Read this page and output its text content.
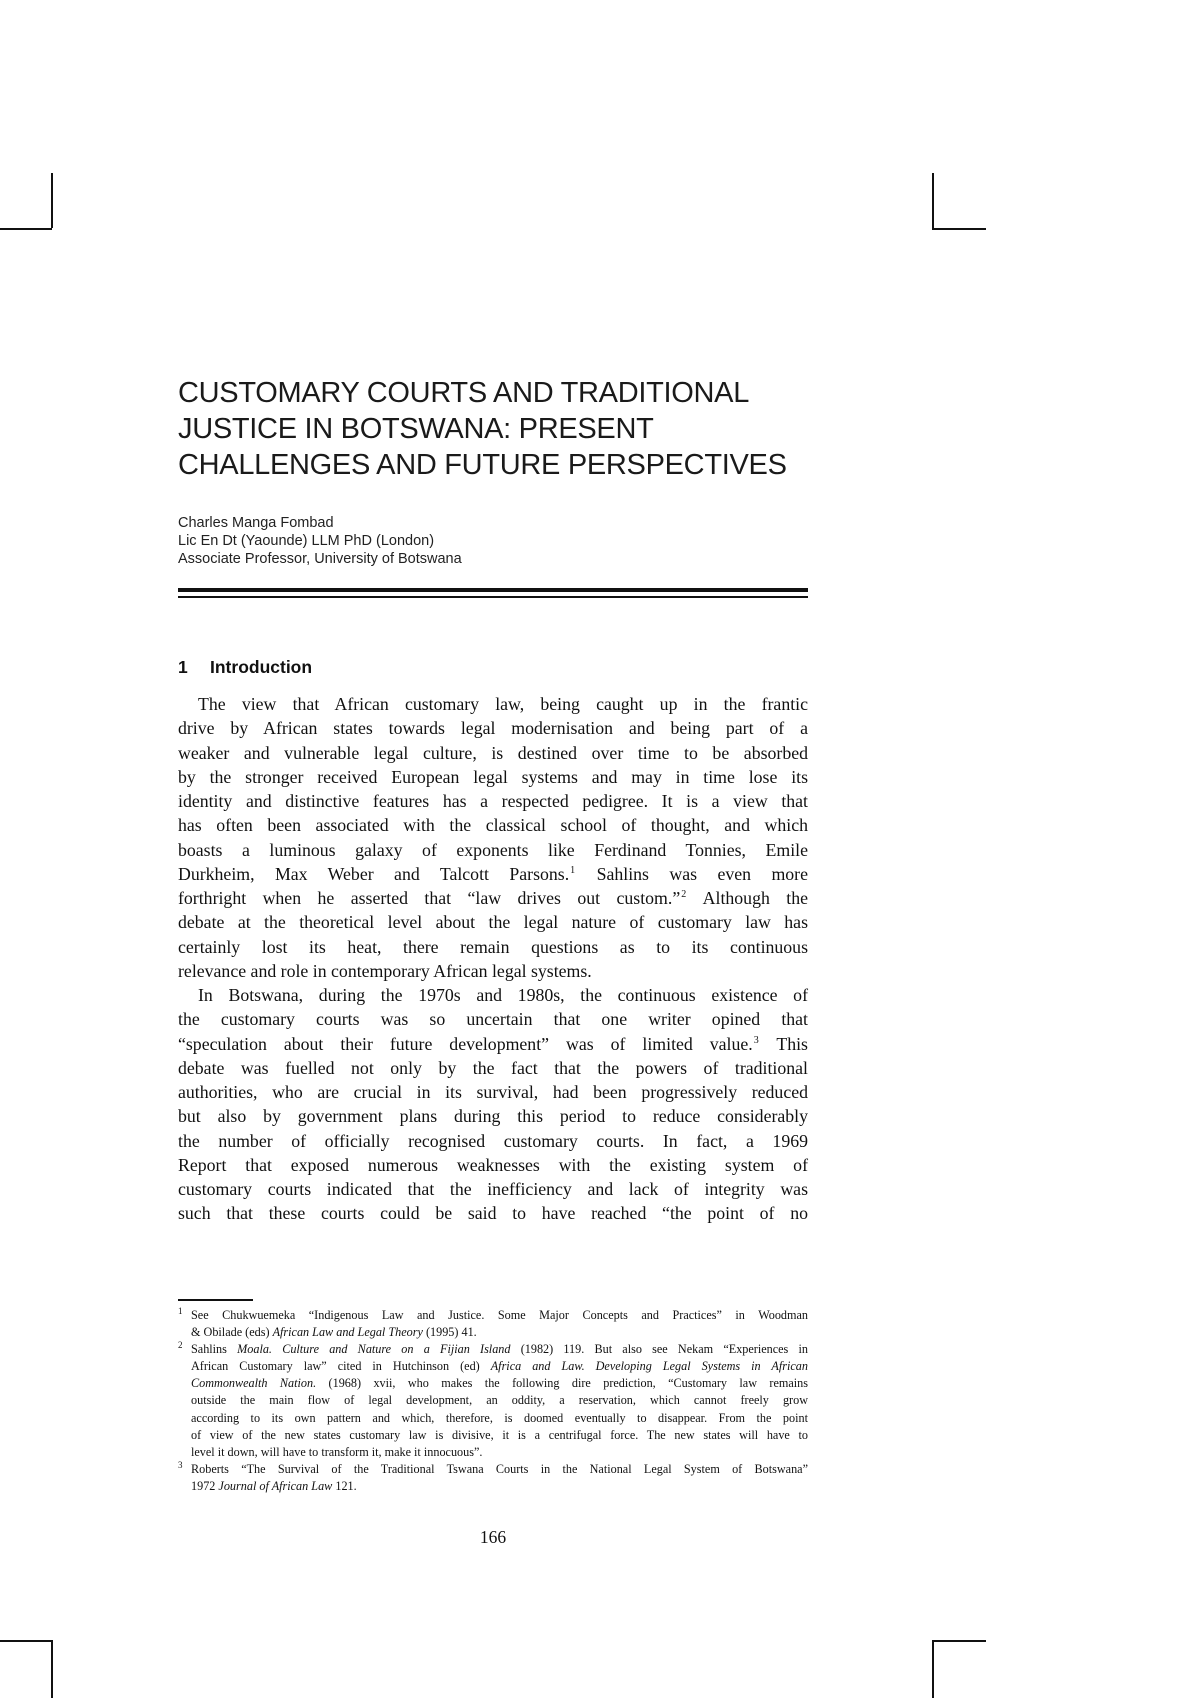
CUSTOMARY COURTS AND TRADITIONAL
JUSTICE IN BOTSWANA: PRESENT
CHALLENGES AND FUTURE PERSPECTIVES
Charles Manga Fombad
Lic En Dt (Yaounde) LLM PhD (London)
Associate Professor, University of Botswana
1 Introduction
The view that African customary law, being caught up in the frantic
drive by African states towards legal modernisation and being part of a
weaker and vulnerable legal culture, is destined over time to be absorbed
by the stronger received European legal systems and may in time lose its
identity and distinctive features has a respected pedigree. It is a view that
has often been associated with the classical school of thought, and which
boasts a luminous galaxy of exponents like Ferdinand Tonnies, Emile
Durkheim, Max Weber and Talcott Parsons.$^1$ Sahlins was even more
forthright when he asserted that “law drives out custom.”$^2$ Although the
debate at the theoretical level about the legal nature of customary law has
certainly lost its heat, there remain questions as to its continuous
relevance and role in contemporary African legal systems.
In Botswana, during the 1970s and 1980s, the continuous existence of
the customary courts was so uncertain that one writer opined that
“speculation about their future development” was of limited value.$^3$ This
debate was fuelled not only by the fact that the powers of traditional
authorities, who are crucial in its survival, had been progressively reduced
but also by government plans during this period to reduce considerably
the number of officially recognised customary courts. In fact, a 1969
Report that exposed numerous weaknesses with the existing system of
customary courts indicated that the inefficiency and lack of integrity was
such that these courts could be said to have reached “the point of no
1 See Chukwuemeka “Indigenous Law and Justice. Some Major Concepts and Practices” in Woodman
& Obilade (eds) African Law and Legal Theory (1995) 41.
2 Sahlins Moala. Culture and Nature on a Fijian Island (1982) 119. But also see Nekam “Experiences in
African Customary law” cited in Hutchinson (ed) Africa and Law. Developing Legal Systems in African
Commonwealth Nation. (1968) xvii, who makes the following dire prediction, “Customary law remains
outside the main flow of legal development, an oddity, a reservation, which cannot freely grow
according to its own pattern and which, therefore, is doomed eventually to disappear. From the point
of view of the new states customary law is divisive, it is a centrifugal force. The new states will have to
level it down, will have to transform it, make it innocuous”.
3 Roberts “The Survival of the Traditional Tswana Courts in the National Legal System of Botswana”
1972 Journal of African Law 121.
166
